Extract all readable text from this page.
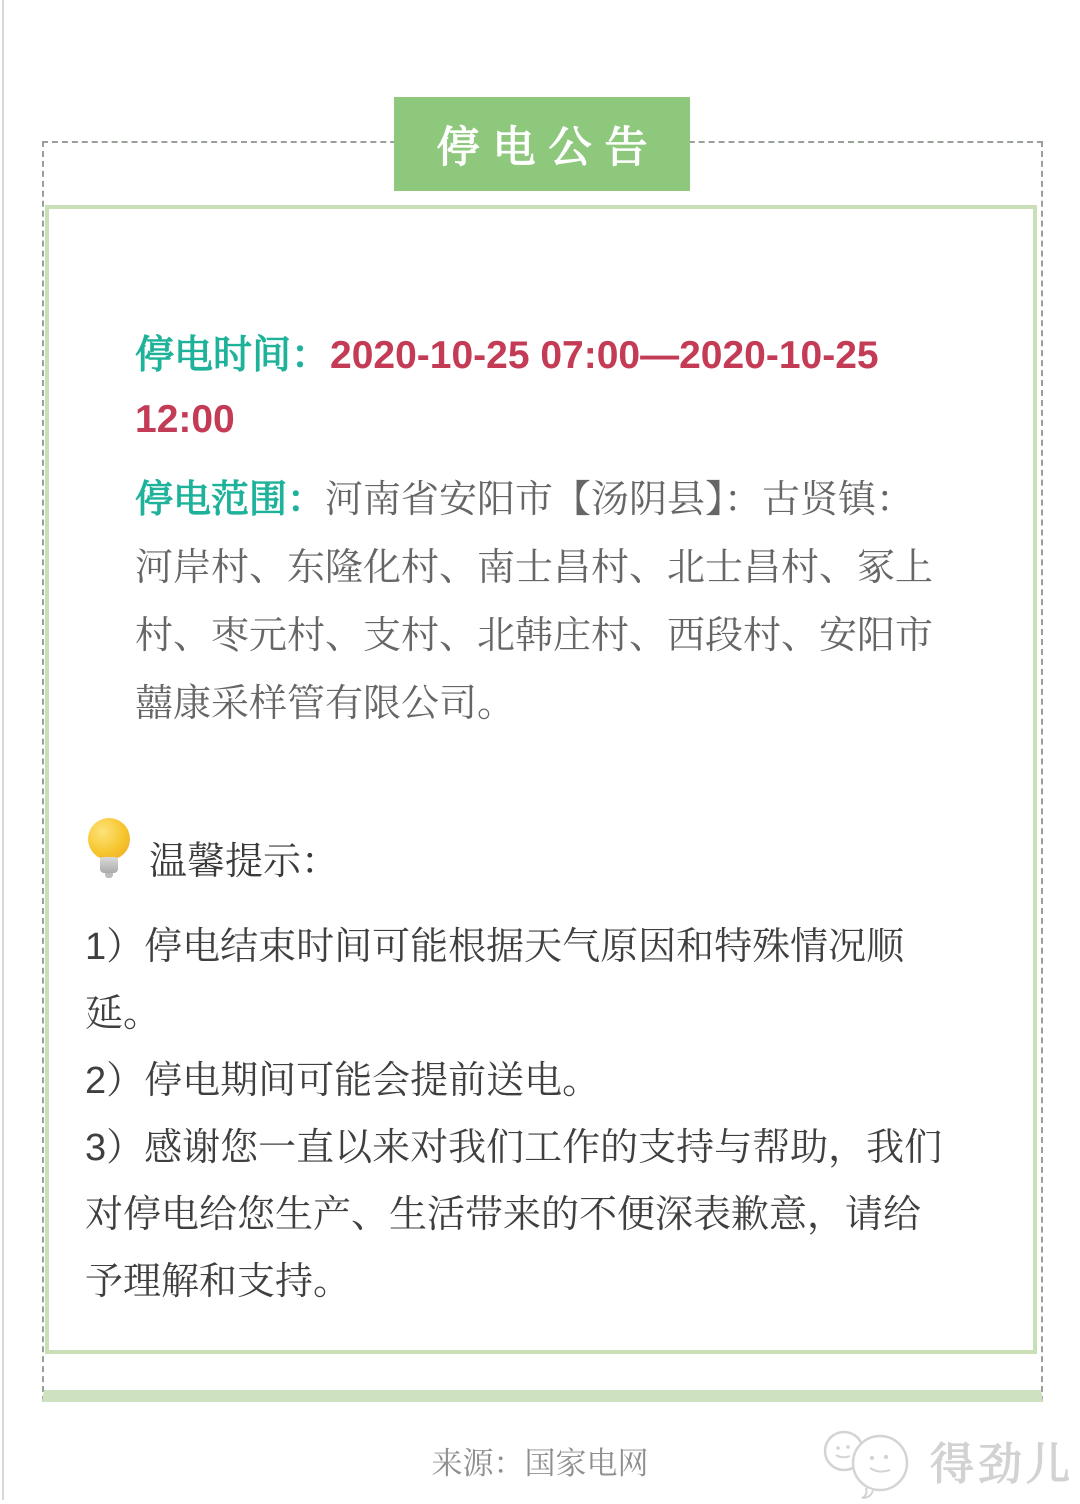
停电公告
停电时间：2020-10-25 07:00—2020-10-25
12:00
停电范围：河南省安阳市【汤阴县】：古贤镇：
河岸村、东隆化村、南士昌村、北士昌村、冢上
村、枣元村、支村、北韩庄村、西段村、安阳市
囍康采样管有限公司。
温馨提示：
1）停电结束时间可能根据天气原因和特殊情况顺
延。
2）停电期间可能会提前送电。
3）感谢您一直以来对我们工作的支持与帮助，我们
对停电给您生产、生活带来的不便深表歉意，请给
予理解和支持。
来源：国家电网	得劲儿
